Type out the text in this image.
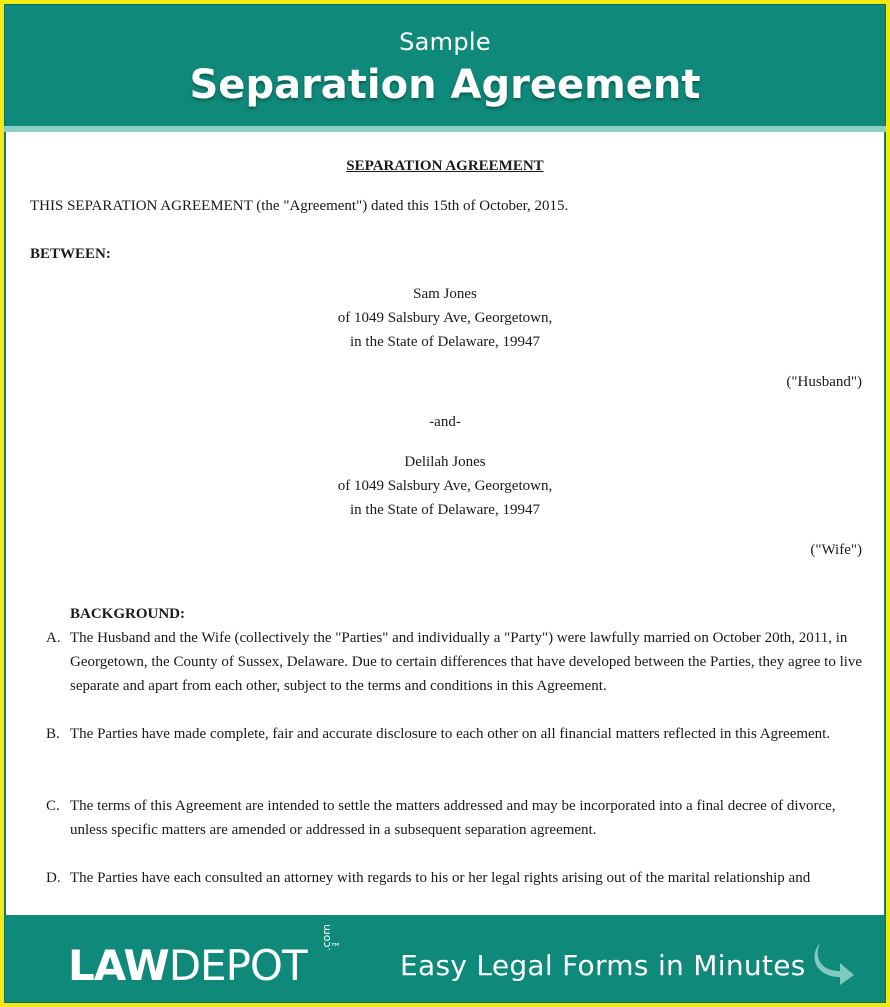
Sample
Separation Agreement
SEPARATION AGREEMENT
THIS SEPARATION AGREEMENT (the "Agreement") dated this 15th of October, 2015.
BETWEEN:
Sam Jones
of 1049 Salsbury Ave, Georgetown,
in the State of Delaware, 19947
("Husband")
-and-
Delilah Jones
of 1049 Salsbury Ave, Georgetown,
in the State of Delaware, 19947
("Wife")
BACKGROUND:
A. The Husband and the Wife (collectively the "Parties" and individually a "Party") were lawfully married on October 20th, 2011, in Georgetown, the County of Sussex, Delaware. Due to certain differences that have developed between the Parties, they agree to live separate and apart from each other, subject to the terms and conditions in this Agreement.
B. The Parties have made complete, fair and accurate disclosure to each other on all financial matters reflected in this Agreement.
C. The terms of this Agreement are intended to settle the matters addressed and may be incorporated into a final decree of divorce, unless specific matters are amended or addressed in a subsequent separation agreement.
D. The Parties have each consulted an attorney with regards to his or her legal rights arising out of the marital relationship and
LAWDEPOT
.com
™
Easy Legal Forms in Minutes
